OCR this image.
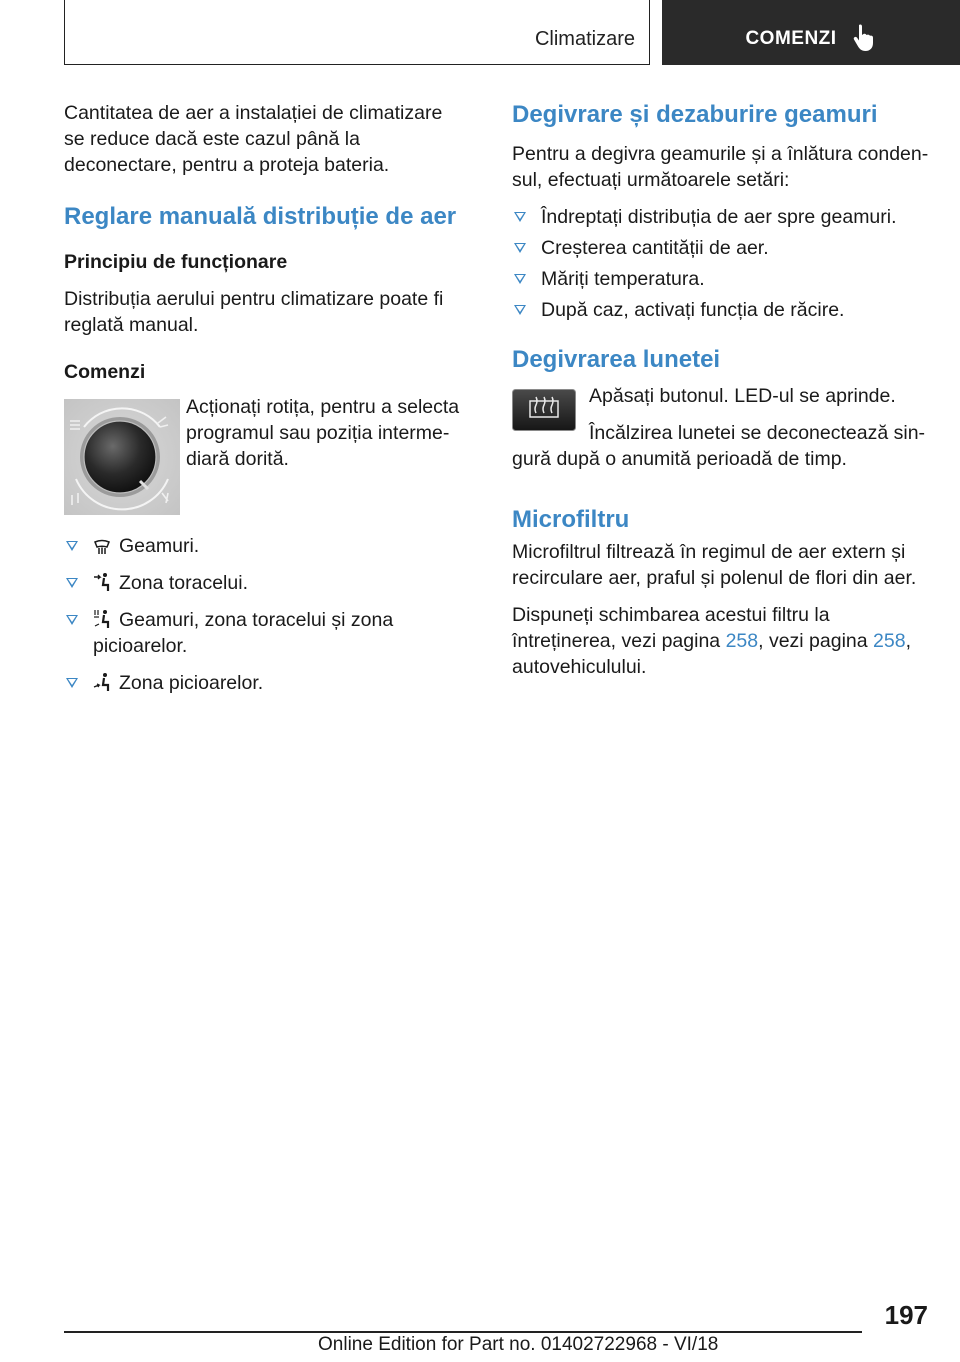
Climatizare	COMENZI

Cantitatea de aer a instalației de climatizare se reduce dacă este cazul până la deconectare, pentru a proteja bateria.

Reglare manuală distribuție de aer
Principiu de funcționare

Distribuția aerului pentru climatizare poate fi reglată manual.

Comenzi

Acționați rotița, pentru a selecta programul sau poziția intermediară dorită.

Geamuri.
Zona toracelui.
Geamuri, zona toracelui și zona picioarelor.
Zona picioarelor.
Degivrare și dezaburire geamuri

Pentru a degivra geamurile și a înlătura condensul, efectuați următoarele setări:

Îndreptați distribuția de aer spre geamuri.
Creșterea cantității de aer.
Măriți temperatura.
După caz, activați funcția de răcire.
Degivrarea lunetei

Apăsați butonul. LED-ul se aprinde.

Încălzirea lunetei se deconectează singură după o anumită perioadă de timp.

Microfiltru

Microfiltrul filtrează în regimul de aer extern și recirculare aer, praful și polenul de flori din aer.

Dispuneți schimbarea acestui filtru la întreținerea, vezi pagina 258, vezi pagina 258, autovehiculului.

197
Online Edition for Part no. 01402722968 - VI/18
